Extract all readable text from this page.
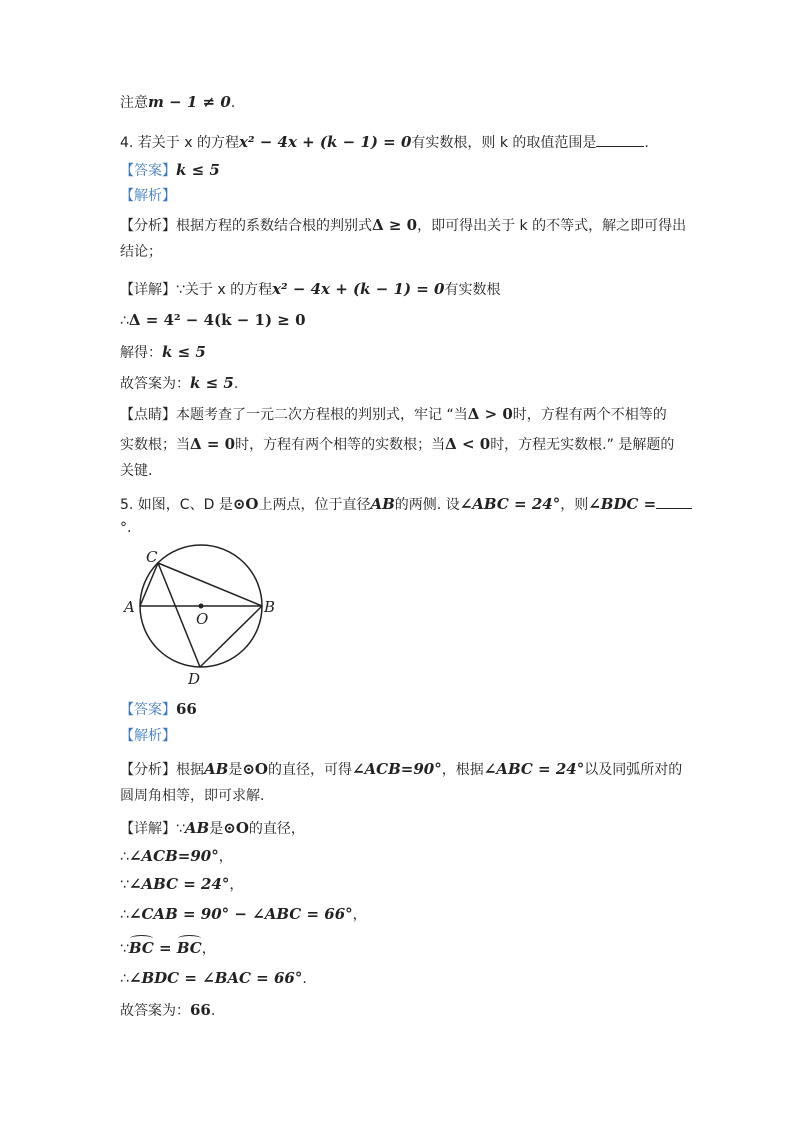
注意m − 1 ≠ 0.
4. 若关于 x 的方程x² − 4x + (k − 1) = 0有实数根，则 k 的取值范围是	.
【答案】k ≤ 5
【解析】
【分析】根据方程的系数结合根的判别式Δ ≥ 0，即可得出关于 k 的不等式，解之即可得出
结论；
【详解】∵关于 x 的方程x² − 4x + (k − 1) = 0有实数根
∴Δ = 4² − 4(k − 1) ≥ 0
解得：k ≤ 5
故答案为：k ≤ 5.
【点睛】本题考查了一元二次方程根的判别式，牢记 “当Δ > 0时，方程有两个不相等的
实数根；当Δ = 0时，方程有两个相等的实数根；当Δ < 0时，方程无实数根.” 是解题的
关键.
5. 如图，C、D 是⊙O上两点，位于直径AB的两侧. 设∠ABC = 24°，则∠BDC =
°.
C
A	B
O
D
【答案】66
【解析】
【分析】根据AB是⊙O的直径，可得∠ACB=90°，根据∠ABC = 24°以及同弧所对的
圆周角相等，即可求解.
【详解】∵AB是⊙O的直径，
∴∠ACB=90°，
∵∠ABC = 24°，
∴∠CAB = 90° − ∠ABC = 66°，
∵BC = BC，
∴∠BDC = ∠BAC = 66°.
故答案为：66.
